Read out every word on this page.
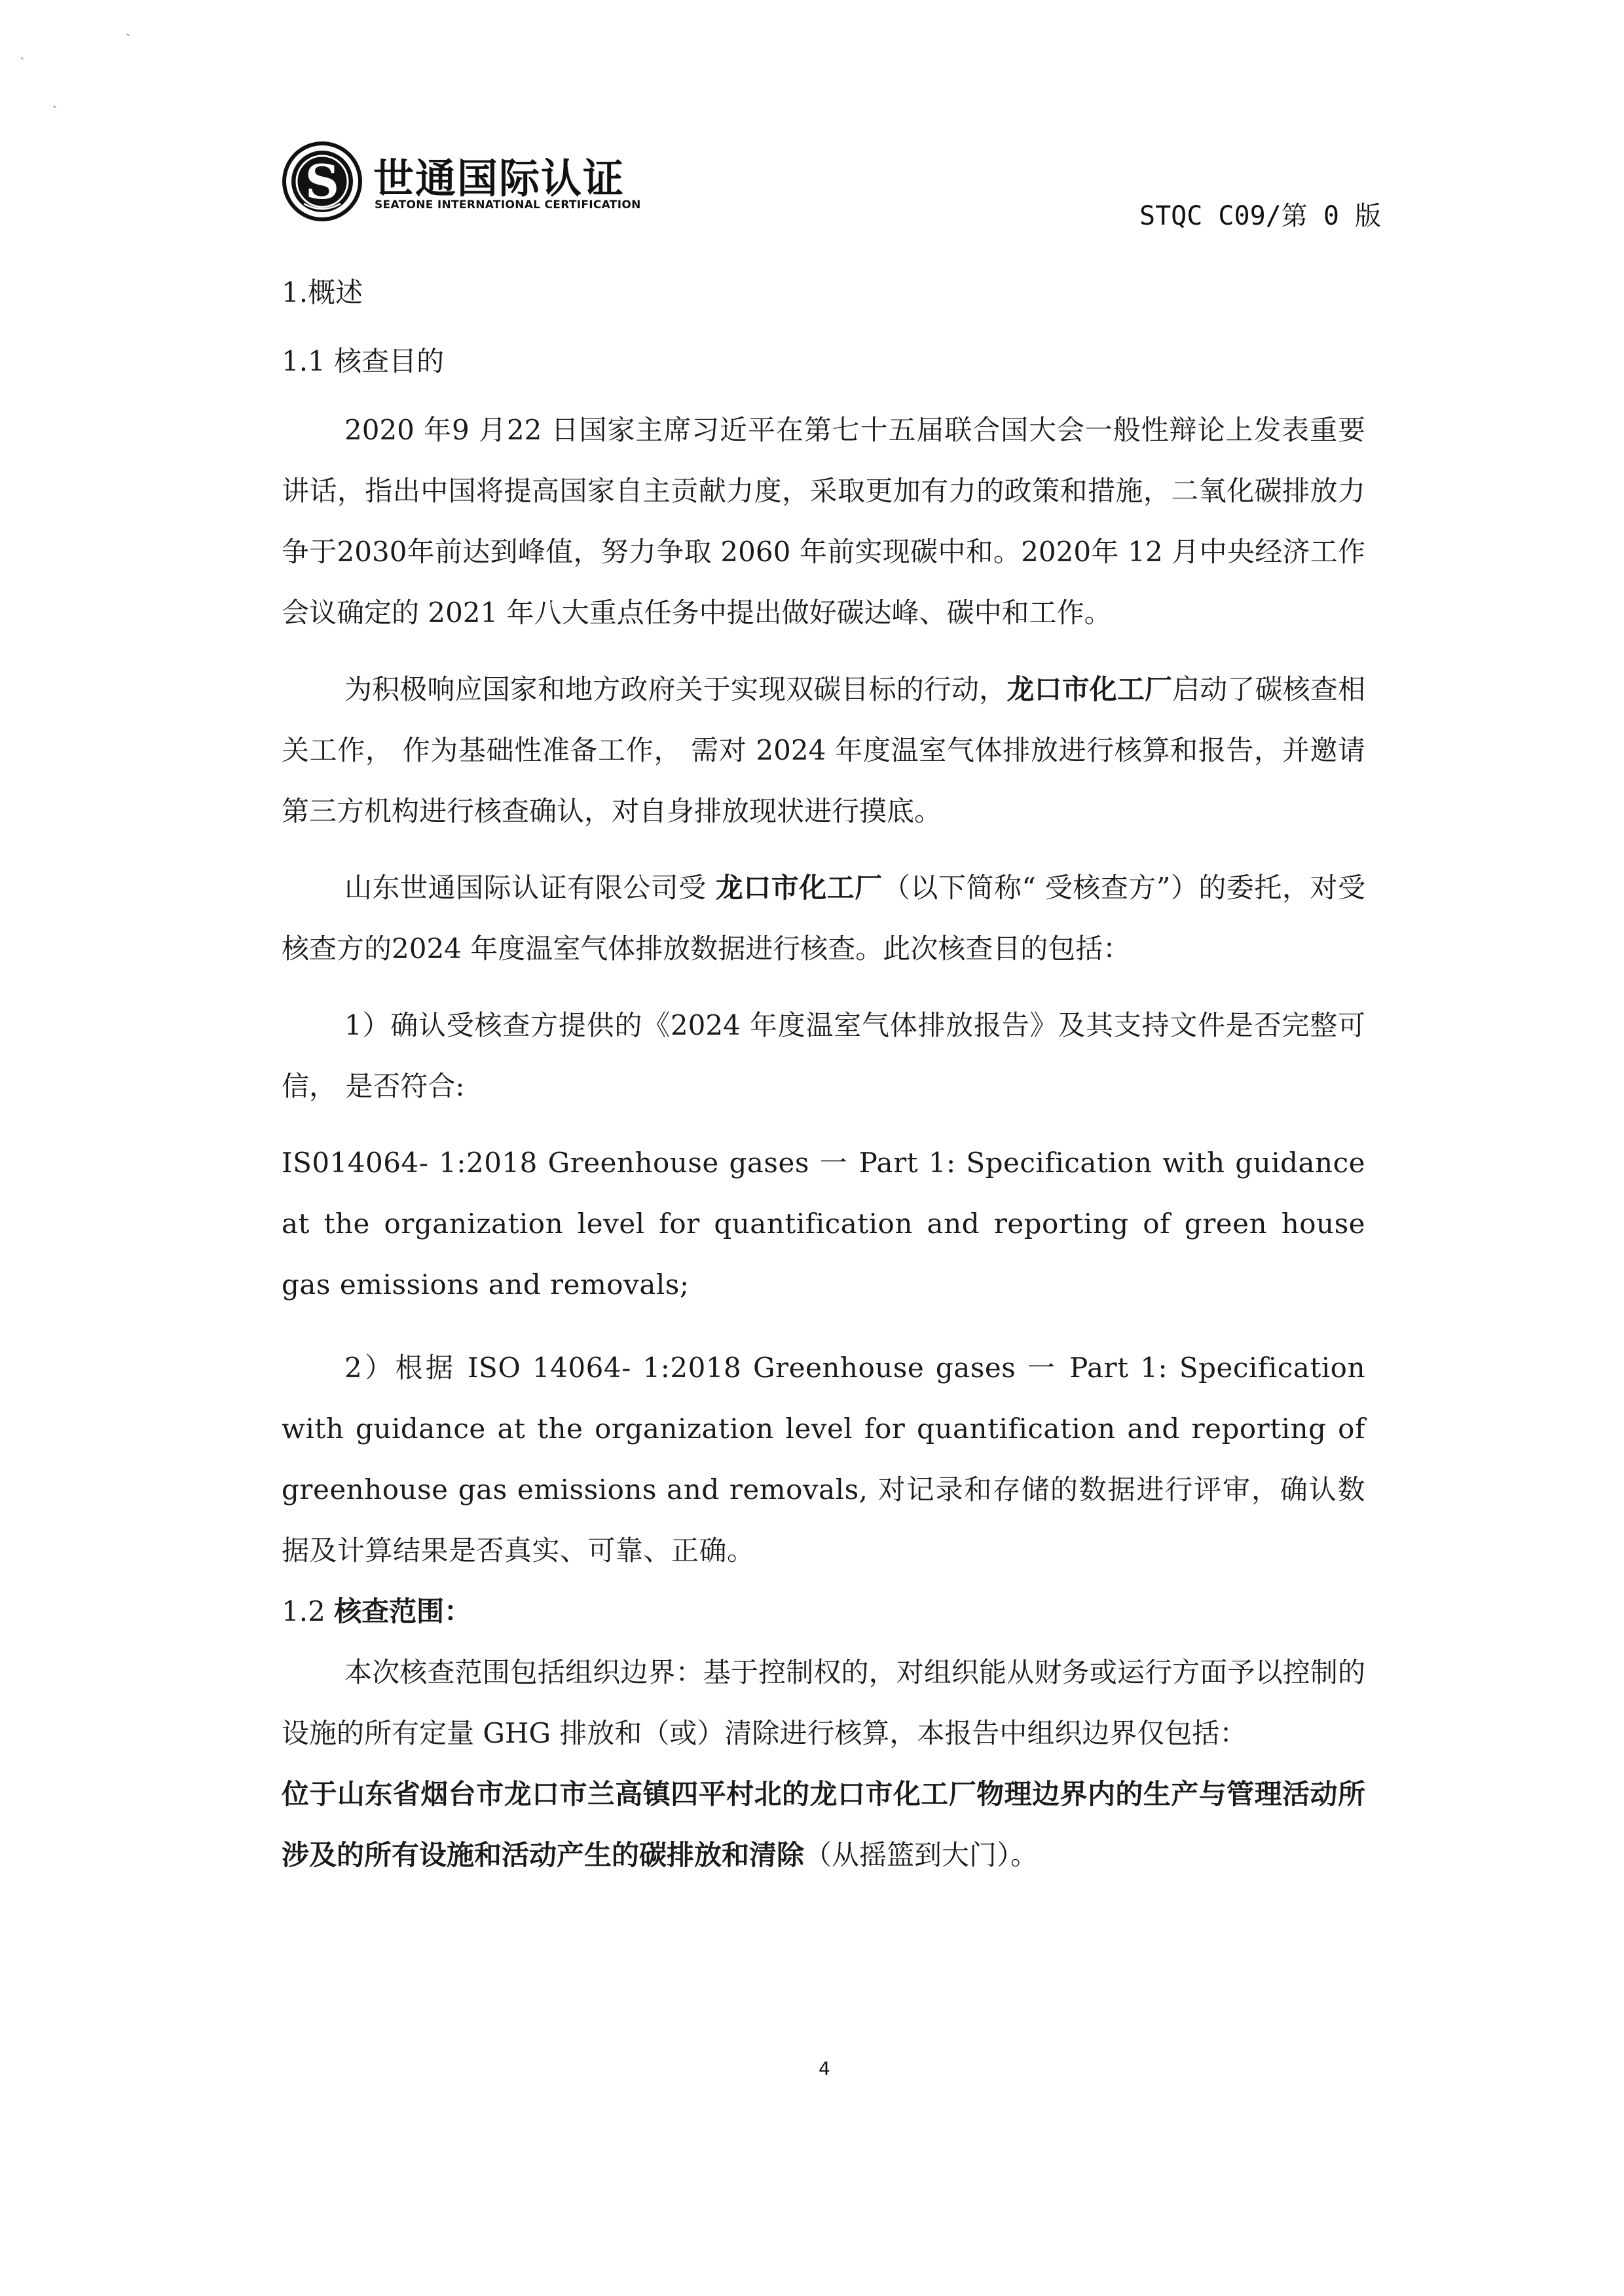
ˎ
ˎ
ˏ
S 世通国际认证
SEATONE INTERNATIONAL CERTIFICATION	STQC C09/第 0 版

1.概述

1.1 核查目的

2020 年9 月22 日国家主席习近平在第七十五届联合国大会一般性辩论上发表重要讲话，指出中国将提高国家自主贡献力度，采取更加有力的政策和措施，二氧化碳排放力争于2030年前达到峰值，努力争取 2060 年前实现碳中和。2020年 12 月中央经济工作会议确定的 2021 年八大重点任务中提出做好碳达峰、碳中和工作。

为积极响应国家和地方政府关于实现双碳目标的行动，龙口市化工厂启动了碳核查相关工作， 作为基础性准备工作， 需对 2024 年度温室气体排放进行核算和报告，并邀请第三方机构进行核查确认，对自身排放现状进行摸底。

山东世通国际认证有限公司受 龙口市化工厂（以下简称“ 受核查方”）的委托，对受核查方的2024 年度温室气体排放数据进行核查。此次核查目的包括：

1）确认受核查方提供的《2024 年度温室气体排放报告》及其支持文件是否完整可信， 是否符合:

IS014064- 1:2018 Greenhouse gases 一 Part 1: Specification with guidance at the organization level for quantification and reporting of green house gas emissions and removals;

2）根据 ISO 14064- 1:2018 Greenhouse gases 一 Part 1: Specification with guidance at the organization level for quantification and reporting of greenhouse gas emissions and removals, 对记录和存储的数据进行评审，确认数据及计算结果是否真实、可靠、正确。

1.2 核查范围：

本次核查范围包括组织边界：基于控制权的，对组织能从财务或运行方面予以控制的设施的所有定量 GHG 排放和（或）清除进行核算，本报告中组织边界仅包括：

位于山东省烟台市龙口市兰高镇四平村北的龙口市化工厂物理边界内的生产与管理活动所涉及的所有设施和活动产生的碳排放和清除（从摇篮到大门）。

4
